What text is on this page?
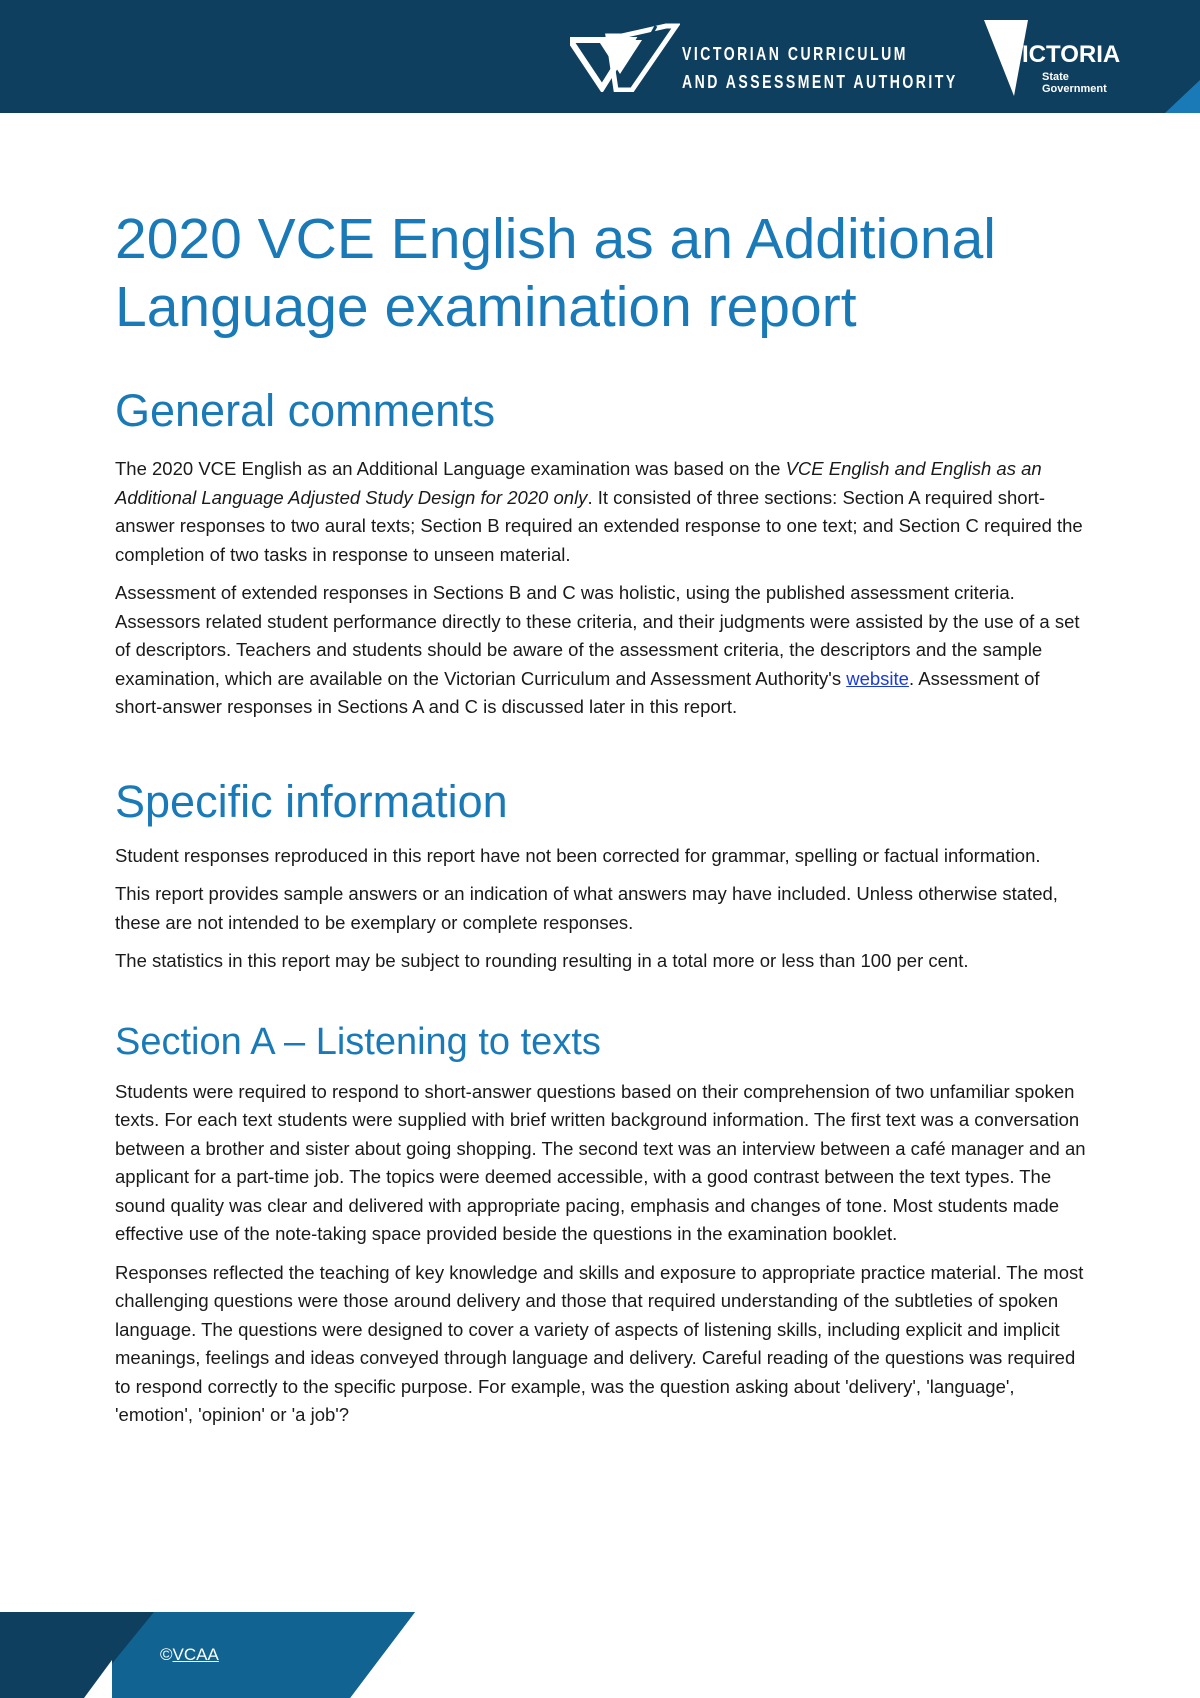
VICTORIAN CURRICULUM
AND ASSESSMENT AUTHORITY
VICTORIA
State
Government
2020 VCE English as an Additional Language examination report
General comments

The 2020 VCE English as an Additional Language examination was based on the VCE English and English as an Additional Language Adjusted Study Design for 2020 only. It consisted of three sections: Section A required short-answer responses to two aural texts; Section B required an extended response to one text; and Section C required the completion of two tasks in response to unseen material.

Assessment of extended responses in Sections B and C was holistic, using the published assessment criteria. Assessors related student performance directly to these criteria, and their judgments were assisted by the use of a set of descriptors. Teachers and students should be aware of the assessment criteria, the descriptors and the sample examination, which are available on the Victorian Curriculum and Assessment Authority's website. Assessment of short-answer responses in Sections A and C is discussed later in this report.

Specific information

Student responses reproduced in this report have not been corrected for grammar, spelling or factual information.

This report provides sample answers or an indication of what answers may have included. Unless otherwise stated, these are not intended to be exemplary or complete responses.

The statistics in this report may be subject to rounding resulting in a total more or less than 100 per cent.

Section A – Listening to texts

Students were required to respond to short-answer questions based on their comprehension of two unfamiliar spoken texts. For each text students were supplied with brief written background information. The first text was a conversation between a brother and sister about going shopping. The second text was an interview between a café manager and an applicant for a part-time job. The topics were deemed accessible, with a good contrast between the text types. The sound quality was clear and delivered with appropriate pacing, emphasis and changes of tone. Most students made effective use of the note-taking space provided beside the questions in the examination booklet.

Responses reflected the teaching of key knowledge and skills and exposure to appropriate practice material. The most challenging questions were those around delivery and those that required understanding of the subtleties of spoken language. The questions were designed to cover a variety of aspects of listening skills, including explicit and implicit meanings, feelings and ideas conveyed through language and delivery. Careful reading of the questions was required to respond correctly to the specific purpose. For example, was the question asking about 'delivery', 'language', 'emotion', 'opinion' or 'a job'?

©VCAA
